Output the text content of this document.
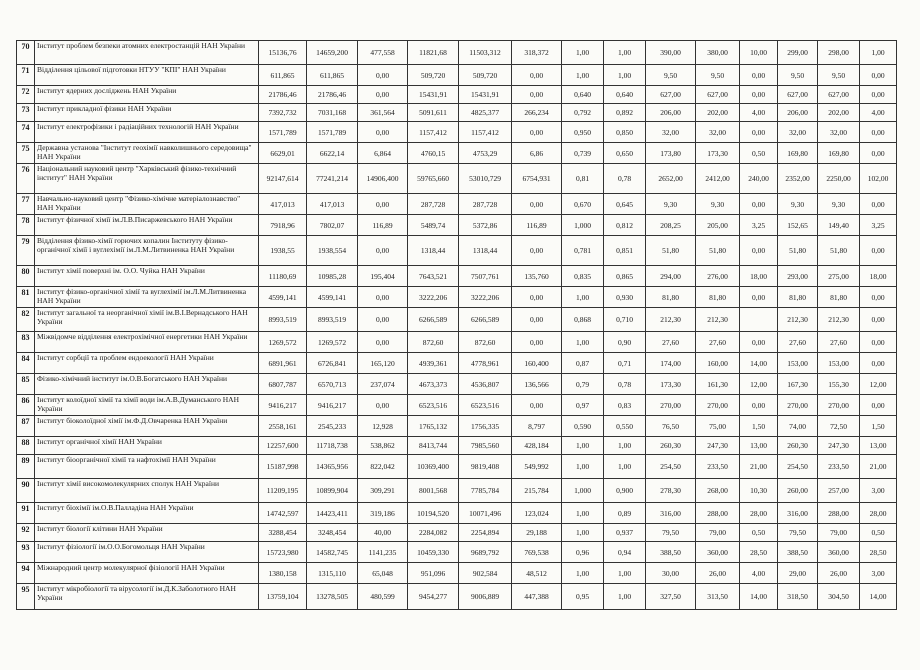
70	Інститут проблем безпеки атомних електростанцій НАН України	15136,76	14659,200	477,558	11821,68	11503,312	318,372	1,00	1,00	390,00	380,00	10,00	299,00	298,00	1,00
71	Відділення цільової підготовки НТУУ "КПІ" НАН України	611,865	611,865	0,00	509,720	509,720	0,00	1,00	1,00	9,50	9,50	0,00	9,50	9,50	0,00
72	Інститут ядерних досліджень НАН України	21786,46	21786,46	0,00	15431,91	15431,91	0,00	0,640	0,640	627,00	627,00	0,00	627,00	627,00	0,00
73	Інститут прикладної фізики НАН України	7392,732	7031,168	361,564	5091,611	4825,377	266,234	0,792	0,892	206,00	202,00	4,00	206,00	202,00	4,00
74	Інститут електрофізики і радіаційних технологій НАН України	1571,789	1571,789	0,00	1157,412	1157,412	0,00	0,950	0,850	32,00	32,00	0,00	32,00	32,00	0,00
75	Державна установа "Інститут геохімії навколишнього середовища" НАН України	6629,01	6622,14	6,864	4760,15	4753,29	6,86	0,739	0,650	173,80	173,30	0,50	169,80	169,80	0,00
76	Національний науковий центр "Харківський фізико-технічний інститут" НАН України	92147,614	77241,214	14906,400	59765,660	53010,729	6754,931	0,81	0,78	2652,00	2412,00	240,00	2352,00	2250,00	102,00
77	Навчально-науковий центр "Фізико-хімічне матеріалознавство" НАН України	417,013	417,013	0,00	287,728	287,728	0,00	0,670	0,645	9,30	9,30	0,00	9,30	9,30	0,00
78	Інститут фізичної хімії ім.Л.В.Писаржевського НАН України	7918,96	7802,07	116,89	5489,74	5372,86	116,89	1,000	0,812	208,25	205,00	3,25	152,65	149,40	3,25
79	Відділення фізико-хімії горючих копалин Інституту фізико-органічної хімії і вуглехімії ім.Л.М.Литвиненка НАН України	1938,55	1938,554	0,00	1318,44	1318,44	0,00	0,781	0,851	51,80	51,80	0,00	51,80	51,80	0,00
80	Інститут хімії поверхні ім. О.О. Чуйка НАН України	11180,69	10985,28	195,404	7643,521	7507,761	135,760	0,835	0,865	294,00	276,00	18,00	293,00	275,00	18,00
81	Інститут фізико-органічної хімії та вуглехімії ім.Л.М.Литвиненка НАН України	4599,141	4599,141	0,00	3222,206	3222,206	0,00	1,00	0,930	81,80	81,80	0,00	81,80	81,80	0,00
82	Інститут загальної та неорганічної хімії ім.В.І.Вернадського НАН України	8993,519	8993,519	0,00	6266,589	6266,589	0,00	0,868	0,710	212,30	212,30		212,30	212,30	0,00
83	Міжвідомче відділення електрохімічної енергетики НАН України	1269,572	1269,572	0,00	872,60	872,60	0,00	1,00	0,90	27,60	27,60	0,00	27,60	27,60	0,00
84	Інститут сорбції та проблем ендоекології НАН України	6891,961	6726,841	165,120	4939,361	4778,961	160,400	0,87	0,71	174,00	160,00	14,00	153,00	153,00	0,00
85	Фізико-хімічний інститут ім.О.В.Богатського НАН України	6807,787	6570,713	237,074	4673,373	4536,807	136,566	0,79	0,78	173,30	161,30	12,00	167,30	155,30	12,00
86	Інститут колоїдної хімії та хімії води ім.А.В.Думанського НАН України	9416,217	9416,217	0,00	6523,516	6523,516	0,00	0,97	0,83	270,00	270,00	0,00	270,00	270,00	0,00
87	Інститут біоколоїдної хімії ім.Ф.Д.Овчаренка НАН України	2558,161	2545,233	12,928	1765,132	1756,335	8,797	0,590	0,550	76,50	75,00	1,50	74,00	72,50	1,50
88	Інститут органічної хімії НАН України	12257,600	11718,738	538,862	8413,744	7985,560	428,184	1,00	1,00	260,30	247,30	13,00	260,30	247,30	13,00
89	Інститут біоорганічної хімії та нафтохімії НАН України	15187,998	14365,956	822,042	10369,400	9819,408	549,992	1,00	1,00	254,50	233,50	21,00	254,50	233,50	21,00
90	Інститут хімії високомолекулярних сполук НАН України	11209,195	10899,904	309,291	8001,568	7785,784	215,784	1,000	0,900	278,30	268,00	10,30	260,00	257,00	3,00
91	Інститут біохімії ім.О.В.Палладіна НАН України	14742,597	14423,411	319,186	10194,520	10071,496	123,024	1,00	0,89	316,00	288,00	28,00	316,00	288,00	28,00
92	Інститут біології клітини НАН України	3288,454	3248,454	40,00	2284,082	2254,894	29,188	1,00	0,937	79,50	79,00	0,50	79,50	79,00	0,50
93	Інститут фізіології ім.О.О.Богомольця НАН України	15723,980	14582,745	1141,235	10459,330	9689,792	769,538	0,96	0,94	388,50	360,00	28,50	388,50	360,00	28,50
94	Міжнародний центр молекулярної фізіології НАН України	1380,158	1315,110	65,048	951,096	902,584	48,512	1,00	1,00	30,00	26,00	4,00	29,00	26,00	3,00
95	Інститут мікробіології та вірусології ім.Д.К.Заболотного НАН України	13759,104	13278,505	480,599	9454,277	9006,889	447,388	0,95	1,00	327,50	313,50	14,00	318,50	304,50	14,00
